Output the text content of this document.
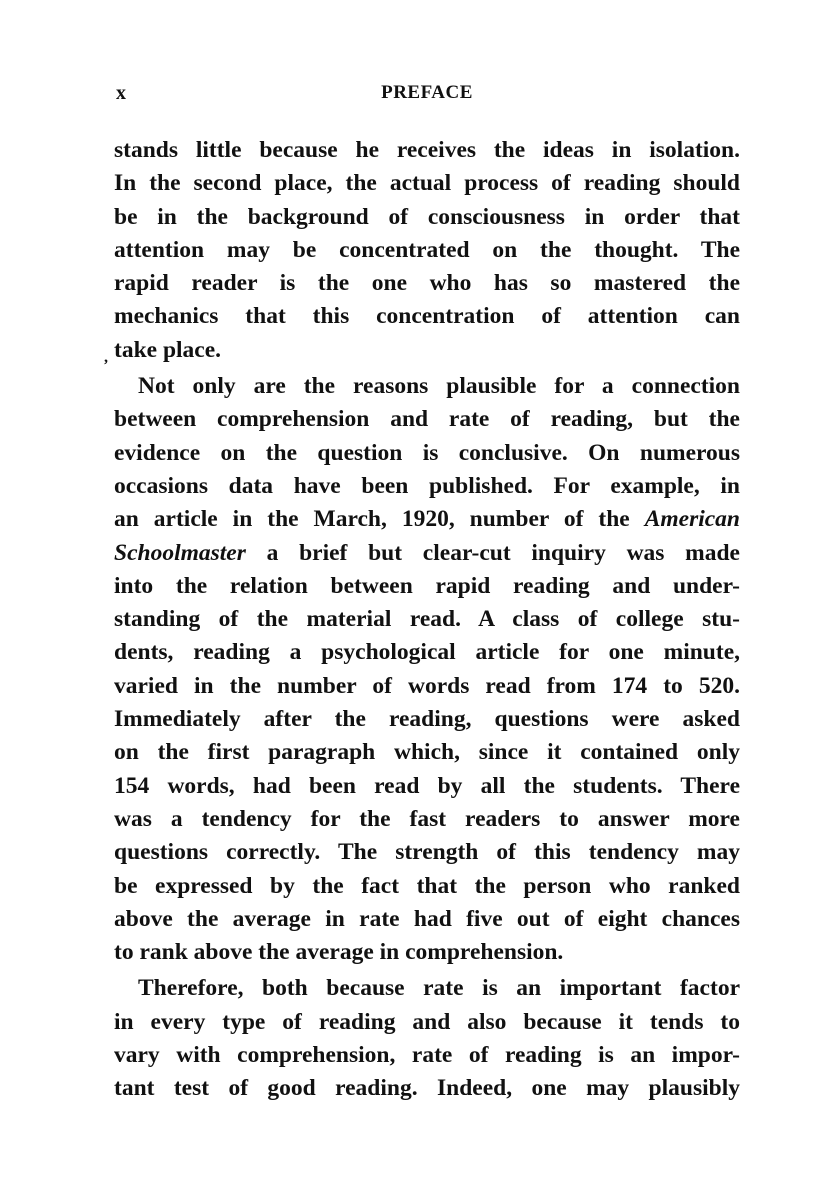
x	PREFACE
,

stands little because he receives the ideas in isolation.
In the second place, the actual process of reading should
be in the background of consciousness in order that
attention may be concentrated on the thought. The
rapid reader is the one who has so mastered the
mechanics that this concentration of attention can
take place.

Not only are the reasons plausible for a connection
between comprehension and rate of reading, but the
evidence on the question is conclusive. On numerous
occasions data have been published. For example, in
an article in the March, 1920, number of the American
Schoolmaster a brief but clear-cut inquiry was made
into the relation between rapid reading and under-
standing of the material read. A class of college stu-
dents, reading a psychological article for one minute,
varied in the number of words read from 174 to 520.
Immediately after the reading, questions were asked
on the first paragraph which, since it contained only
154 words, had been read by all the students. There
was a tendency for the fast readers to answer more
questions correctly. The strength of this tendency may
be expressed by the fact that the person who ranked
above the average in rate had five out of eight chances
to rank above the average in comprehension.

Therefore, both because rate is an important factor
in every type of reading and also because it tends to
vary with comprehension, rate of reading is an impor-
tant test of good reading. Indeed, one may plausibly
